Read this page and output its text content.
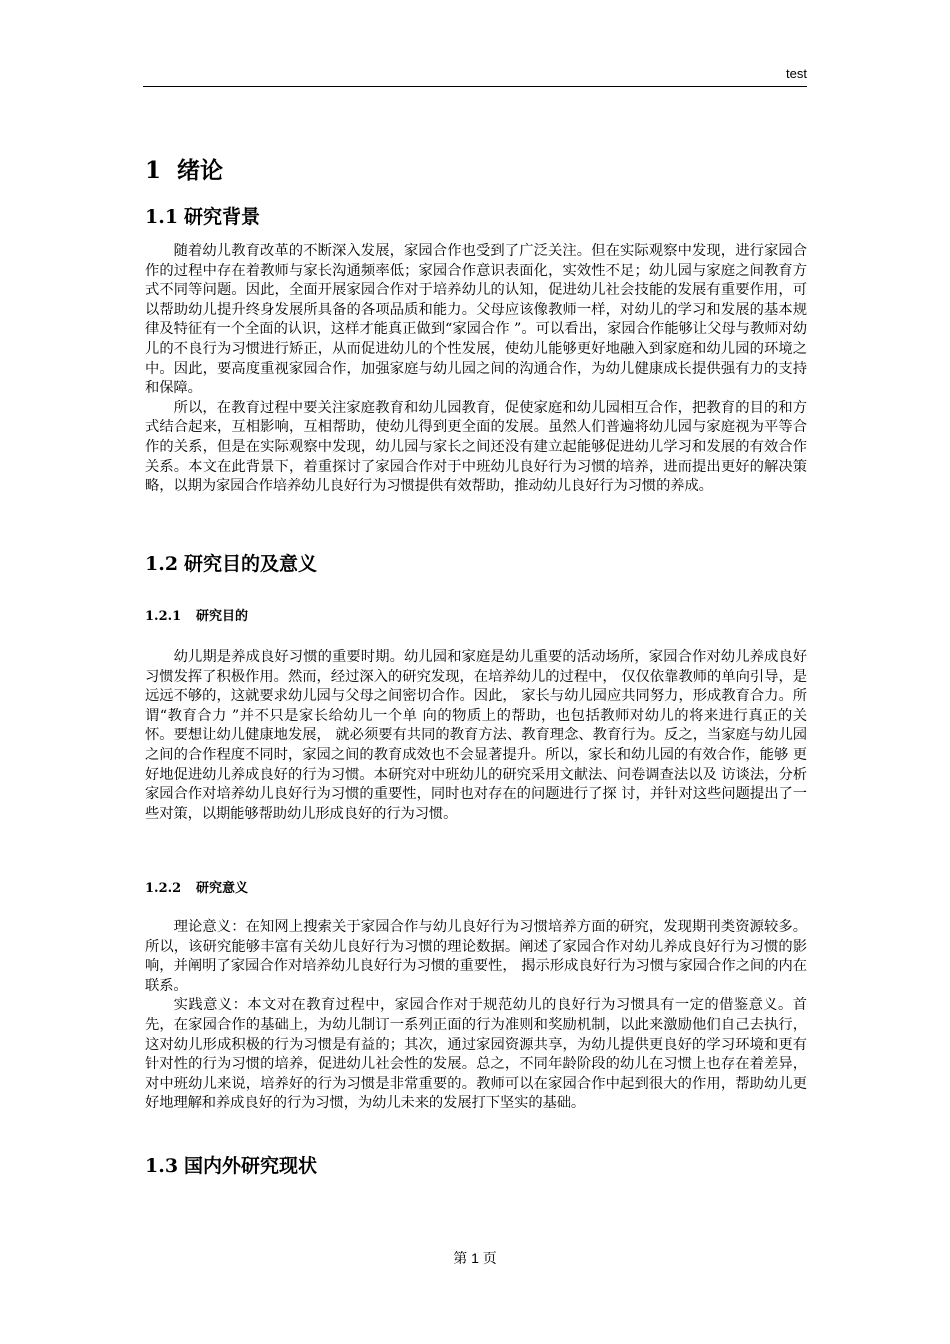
test
1 绪论
1.1 研究背景

随着幼儿教育改革的不断深入发展，家园合作也受到了广泛关注。但在实际观察中发现，进行家园合作的过程中存在着教师与家长沟通频率低；家园合作意识表面化，实效性不足；幼儿园与家庭之间教育方式不同等问题。因此，全面开展家园合作对于培养幼儿的认知，促进幼儿社会技能的发展有重要作用，可以帮助幼儿提升终身发展所具备的各项品质和能力。父母应该像教师一样，对幼儿的学习和发展的基本规律及特征有一个全面的认识，这样才能真正做到“家园合作 ”。可以看出，家园合作能够让父母与教师对幼儿的不良行为习惯进行矫正，从而促进幼儿的个性发展，使幼儿能够更好地融入到家庭和幼儿园的环境之中。因此，要高度重视家园合作，加强家庭与幼儿园之间的沟通合作，为幼儿健康成长提供强有力的支持和保障。

所以，在教育过程中要关注家庭教育和幼儿园教育，促使家庭和幼儿园相互合作，把教育的目的和方式结合起来，互相影响，互相帮助，使幼儿得到更全面的发展。虽然人们普遍将幼儿园与家庭视为平等合作的关系，但是在实际观察中发现，幼儿园与家长之间还没有建立起能够促进幼儿学习和发展的有效合作关系。本文在此背景下，着重探讨了家园合作对于中班幼儿良好行为习惯的培养，进而提出更好的解决策略，以期为家园合作培养幼儿良好行为习惯提供有效帮助，推动幼儿良好行为习惯的养成。

1.2 研究目的及意义
1.2.1 研究目的

幼儿期是养成良好习惯的重要时期。幼儿园和家庭是幼儿重要的活动场所，家园合作对幼儿养成良好习惯发挥了积极作用。然而，经过深入的研究发现，在培养幼儿的过程中， 仅仅依靠教师的单向引导，是远远不够的，这就要求幼儿园与父母之间密切合作。因此， 家长与幼儿园应共同努力，形成教育合力。所谓“教育合力 ”并不只是家长给幼儿一个单 向的物质上的帮助，也包括教师对幼儿的将来进行真正的关怀。要想让幼儿健康地发展， 就必须要有共同的教育方法、教育理念、教育行为。反之，当家庭与幼儿园之间的合作程度不同时，家园之间的教育成效也不会显著提升。所以，家长和幼儿园的有效合作，能够 更好地促进幼儿养成良好的行为习惯。本研究对中班幼儿的研究采用文献法、问卷调查法以及 访谈法，分析家园合作对培养幼儿良好行为习惯的重要性，同时也对存在的问题进行了探 讨，并针对这些问题提出了一些对策，以期能够帮助幼儿形成良好的行为习惯。

1.2.2 研究意义

理论意义：在知网上搜索关于家园合作与幼儿良好行为习惯培养方面的研究，发现期刊类资源较多。所以，该研究能够丰富有关幼儿良好行为习惯的理论数据。阐述了家园合作对幼儿养成良好行为习惯的影响，并阐明了家园合作对培养幼儿良好行为习惯的重要性， 揭示形成良好行为习惯与家园合作之间的内在联系。

实践意义：本文对在教育过程中，家园合作对于规范幼儿的良好行为习惯具有一定的借鉴意义。首先，在家园合作的基础上，为幼儿制订一系列正面的行为准则和奖励机制，以此来激励他们自己去执行，这对幼儿形成积极的行为习惯是有益的；其次，通过家园资源共享，为幼儿提供更良好的学习环境和更有针对性的行为习惯的培养，促进幼儿社会性的发展。总之，不同年龄阶段的幼儿在习惯上也存在着差异，对中班幼儿来说，培养好的行为习惯是非常重要的。教师可以在家园合作中起到很大的作用，帮助幼儿更好地理解和养成良好的行为习惯，为幼儿未来的发展打下坚实的基础。

1.3 国内外研究现状
第 1 页
